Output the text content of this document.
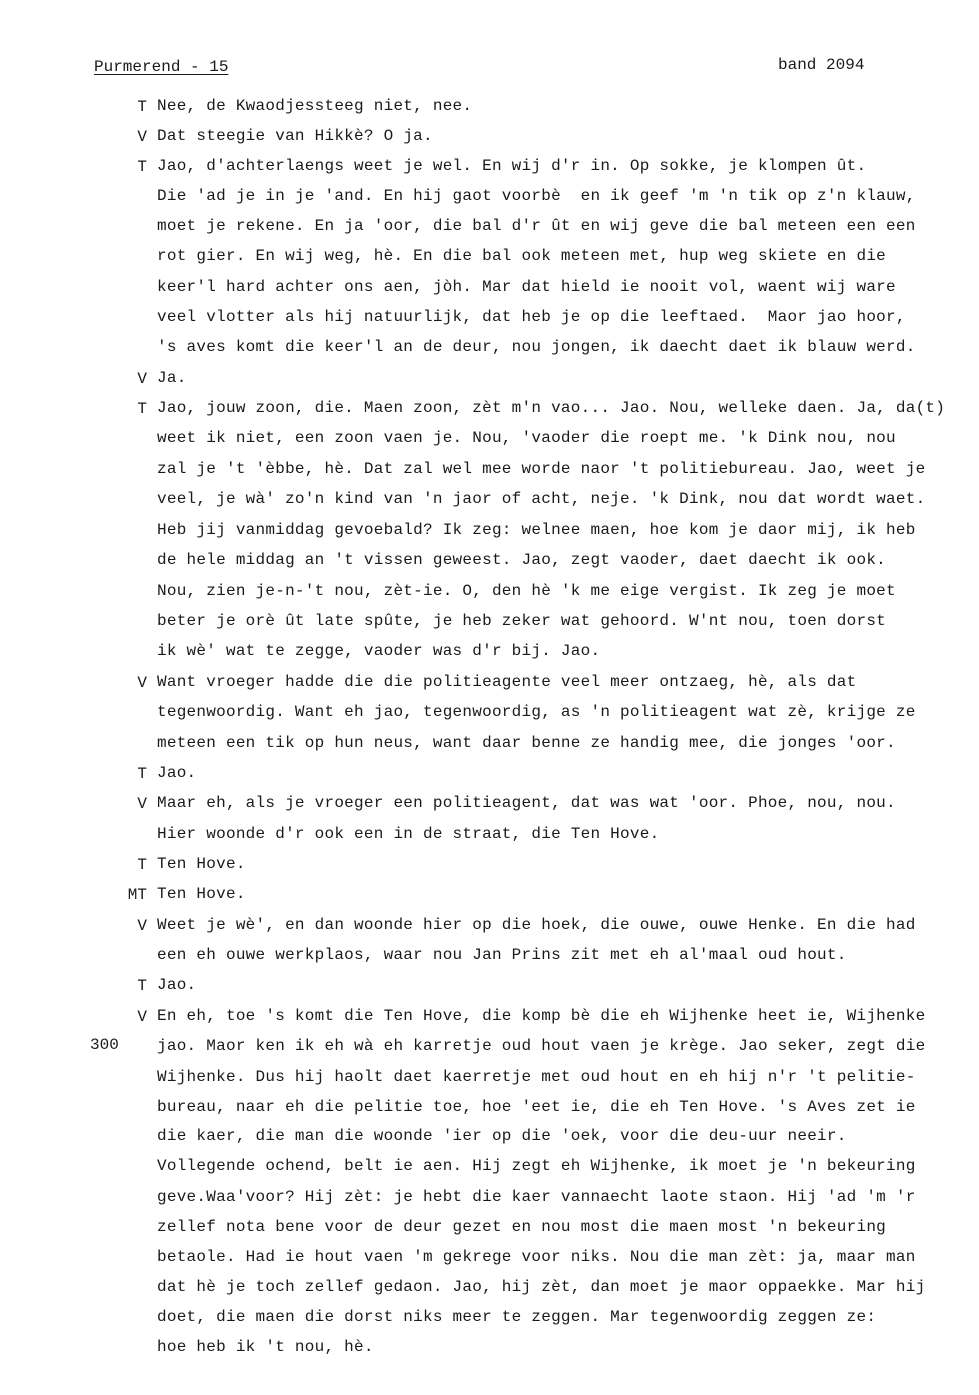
Purmerend - 15	band 2094
300
T Nee, de Kwaodjessteeg niet, nee.
V Dat steegie van Hikkè? O ja.
T Jao, d'achterlaengs weet je wel. En wij d'r in. Op sokke, je klompen ût.
Die 'ad je in je 'and. En hij gaot voorbè  en ik geef 'm 'n tik op z'n klauw,
moet je rekene. En ja 'oor, die bal d'r ût en wij geve die bal meteen een een
rot gier. En wij weg, hè. En die bal ook meteen met, hup weg skiete en die
keer'l hard achter ons aen, jòh. Mar dat hield ie nooit vol, waent wij ware
veel vlotter als hij natuurlijk, dat heb je op die leeftaed.  Maor jao hoor,
's aves komt die keer'l an de deur, nou jongen, ik daecht daet ik blauw werd.
V Ja.
T Jao, jouw zoon, die. Maen zoon, zèt m'n vao... Jao. Nou, welleke daen. Ja, da(t)
weet ik niet, een zoon vaen je. Nou, 'vaoder die roept me. 'k Dink nou, nou
zal je 't 'èbbe, hè. Dat zal wel mee worde naor 't politiebureau. Jao, weet je
veel, je wà' zo'n kind van 'n jaor of acht, neje. 'k Dink, nou dat wordt waet.
Heb jij vanmiddag gevoebald? Ik zeg: welnee maen, hoe kom je daor mij, ik heb
de hele middag an 't vissen geweest. Jao, zegt vaoder, daet daecht ik ook.
Nou, zien je-n-'t nou, zèt-ie. O, den hè 'k me eige vergist. Ik zeg je moet
beter je orè ût late spûte, je heb zeker wat gehoord. W'nt nou, toen dorst
ik wè' wat te zegge, vaoder was d'r bij. Jao.
V Want vroeger hadde die die politieagente veel meer ontzaeg, hè, als dat
tegenwoordig. Want eh jao, tegenwoordig, as 'n politieagent wat zè, krijge ze
meteen een tik op hun neus, want daar benne ze handig mee, die jonges 'oor.
T Jao.
V Maar eh, als je vroeger een politieagent, dat was wat 'oor. Phoe, nou, nou.
Hier woonde d'r ook een in de straat, die Ten Hove.
T Ten Hove.
MT Ten Hove.
V Weet je wè', en dan woonde hier op die hoek, die ouwe, ouwe Henke. En die had
een eh ouwe werkplaos, waar nou Jan Prins zit met eh al'maal oud hout.
T Jao.
V En eh, toe 's komt die Ten Hove, die komp bè die eh Wijhenke heet ie, Wijhenke
jao. Maor ken ik eh wà eh karretje oud hout vaen je krège. Jao seker, zegt die
Wijhenke. Dus hij haolt daet kaerretje met oud hout en eh hij n'r 't pelitie-
bureau, naar eh die pelitie toe, hoe 'eet ie, die eh Ten Hove. 's Aves zet ie
die kaer, die man die woonde 'ier op die 'oek, voor die deu-uur neeir.
Vollegende ochend, belt ie aen. Hij zegt eh Wijhenke, ik moet je 'n bekeuring
geve.Waa'voor? Hij zèt: je hebt die kaer vannaecht laote staon. Hij 'ad 'm 'r
zellef nota bene voor de deur gezet en nou most die maen most 'n bekeuring
betaole. Had ie hout vaen 'm gekrege voor niks. Nou die man zèt: ja, maar man
dat hè je toch zellef gedaon. Jao, hij zèt, dan moet je maor oppaekke. Mar hij
doet, die maen die dorst niks meer te zeggen. Mar tegenwoordig zeggen ze:
hoe heb ik 't nou, hè.
